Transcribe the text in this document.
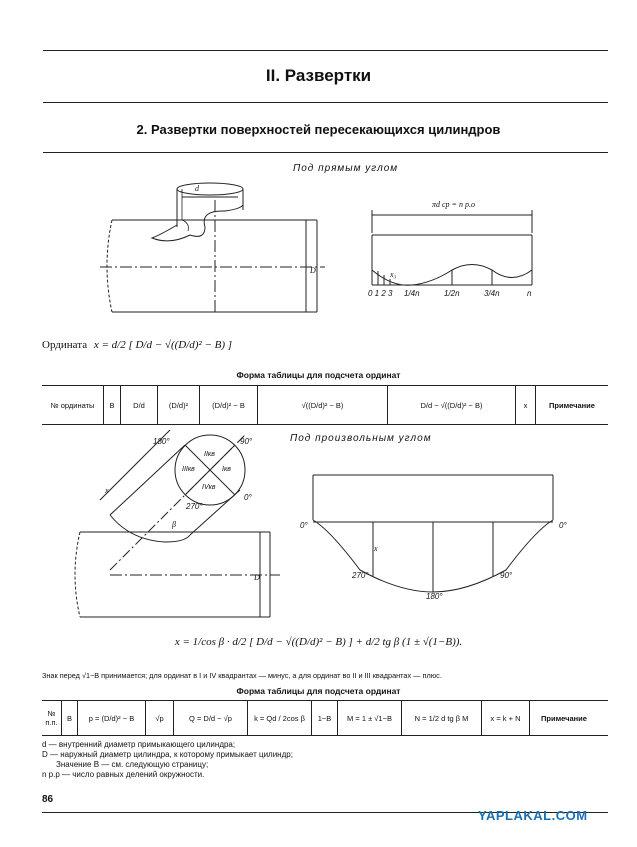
II. Развертки
2. Развертки поверхностей пересекающихся цилиндров
Под прямым углом
d
D
πd ср = n р.о
x₃
0 1 2 3 1/4n	1/2n	3/4n	n
Ордината x = d/2 [ D/d − √((D/d)² − B) ]
Форма таблицы для подсчета ординат
№ ординаты	B	D/d	(D/d)²	(D/d)² − B	√((D/d)² − B)	D/d − √((D/d)² − B)	x	Примечание
Под произвольным углом
180°	90°
0°
270°
IIкв
Iкв
IIIкв
IVкв
x
β
D
0°	0°
270°	90°
180°
x
x = 1/cos β · d/2 [ D/d − √((D/d)² − B) ] + d/2 tg β (1 ± √(1−B)).
Знак перед √1−B принимается; для ординат в I и IV квадрантах — минус, а для ординат во II и III квадрантах — плюс.
Форма таблицы для подсчета ординат
№ п.п.	B	p = (D/d)² − B	√p	Q = D/d − √p	k = Qd / 2cos β	1−B	M = 1 ± √1−B	N = 1/2 d tg β M	x = k + N	Примечание
d — внутренний диаметр примыкающего цилиндра;
D — наружный диаметр цилиндра, к которому примыкает цилиндр;
Значение B — см. следующую страницу;
n р.р — число равных делений окружности.
86
YAPLAKAL.COM
